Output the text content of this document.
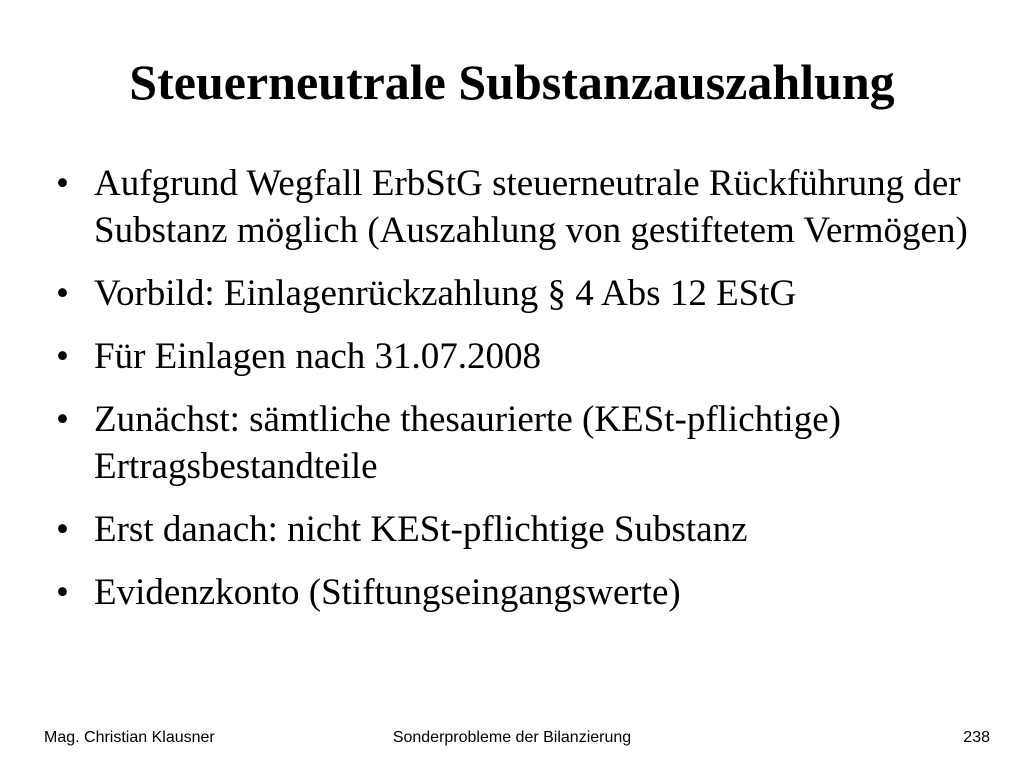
Steuerneutrale Substanzauszahlung
• Aufgrund Wegfall ErbStG steuerneutrale Rückführung der Substanz möglich (Auszahlung von gestiftetem Vermögen)
• Vorbild: Einlagenrückzahlung § 4 Abs 12 EStG
• Für Einlagen nach 31.07.2008
• Zunächst: sämtliche thesaurierte (KESt-pflichtige) Ertragsbestandteile
• Erst danach: nicht KESt-pflichtige Substanz
• Evidenzkonto (Stiftungseingangswerte)
Mag. Christian Klausner	Sonderprobleme der Bilanzierung	238
